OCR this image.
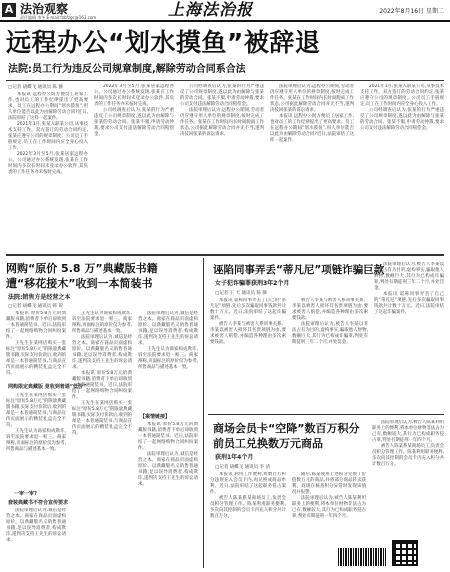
A 法治观察
责任编辑 李冬 E-mail:fzbfzgc@163.com	上海法治报	2022年8月16日 星期二
远程办公“划水摸鱼”被辞退
法院:员工行为违反公司规章制度,解除劳动合同系合法
□记者 胡蝶飞 通讯员 陈 静

本报讯 远程办公既方便员工居家工作,也对员工的工作纪律提出了更高要求。员工在远程办公期间“划水摸鱼”,用人单位能否以此为由解除劳动合同?近日,法院审结了这样一起案件。

2021年1月,张某入职某公司,从事技术支持工作。双方签订的劳动合同约定,张某应遵守公司的规章制度。公司员工手册规定,员工在工作时间内应全身心投入工作。

2022年3月至5月,张某居家远程办公。公司通过办公系统发现,张某在工作时间内多次长时间未登录办公软件,其负责的工作任务亦未按时完成。

2022年3月至5月,张某居家远程办公。公司通过办公系统发现,张某在工作时间内多次长时间未登录办公软件,其负责的工作任务亦未按时完成。

公司经调查后认为,张某的行为严重违反了公司规章制度,遂以此为由解除与张某的劳动合同。张某不服,申请劳动仲裁,要求公司支付违法解除劳动合同赔偿金。

公司经调查后认为,张某的行为严重违反了公司规章制度,遂以此为由解除与张某的劳动合同。张某不服,申请劳动仲裁,要求公司支付违法解除劳动合同赔偿金。

法院审理后认为,远程办公期间,劳动者仍应遵守用人单位的规章制度,按时完成工作任务。张某在工作时间内长时间脱离工作状态,公司据此解除劳动合同并无不当,遂判决驳回张某的诉讼请求。

法院审理后认为,远程办公期间,劳动者仍应遵守用人单位的规章制度,按时完成工作任务。张某在工作时间内长时间脱离工作状态,公司据此解除劳动合同并无不当,遂判决驳回张某的诉讼请求。

本报讯 远程办公既方便员工居家工作,也对员工的工作纪律提出了更高要求。员工在远程办公期间“划水摸鱼”,用人单位能否以此为由解除劳动合同?近日,法院审结了这样一起案件。

2021年1月,张某入职某公司,从事技术支持工作。双方签订的劳动合同约定,张某应遵守公司的规章制度。公司员工手册规定,员工在工作时间内应全身心投入工作。

公司经调查后认为,张某的行为严重违反了公司规章制度,遂以此为由解除与张某的劳动合同。张某不服,申请劳动仲裁,要求公司支付违法解除劳动合同赔偿金。

网购“原价 5.8 万”典藏版书籍
遭“移花接木”收到一本简装书
法院:销售方是经营之本
□记者 胡蝶飞 通讯员 韩 锐

本报讯 原价5.8万元的典藏版书籍,消费者下单后却收到一本普通简装书。近日,法院审结了一起网络购物合同纠纷案件。

王先生在某网店购买一套标注“原价5.8万元”的限量典藏版书籍,实际支付价款后,收到的却是一本普通简装书,与商品宣传页面展示的精装礼盒完全不符。

网购限定典藏版 竟收到普通“低价”

王先生在某网店购买一套标注“原价5.8万元”的限量典藏版书籍,实际支付价款后,收到的却是一本普通简装书,与商品宣传页面展示的精装礼盒完全不符。

王先生认为商家构成欺诈,诉至法院要求退一赔三。商家辩称,页面标注的原价仅为参考,所售商品与描述基本一致。

一审一审?
套装典藏书不符合宣传要求

法院审理后认为,诚信是经营之本。商家在商品页面虚构原价、以典藏版名义销售普通书籍,足以误导消费者,构成欺诈,遂判决支持王先生的诉讼请求。

王先生认为商家构成欺诈,诉至法院要求退一赔三。商家辩称,页面标注的原价仅为参考,所售商品与描述基本一致。

法院审理后认为,诚信是经营之本。商家在商品页面虚构原价、以典藏版名义销售普通书籍,足以误导消费者,构成欺诈,遂判决支持王先生的诉讼请求。

本报讯 原价5.8万元的典藏版书籍,消费者下单后却收到一本普通简装书。近日,法院审结了一起网络购物合同纠纷案件。

王先生在某网店购买一套标注“原价5.8万元”的限量典藏版书籍,实际支付价款后,收到的却是一本普通简装书,与商品宣传页面展示的精装礼盒完全不符。

法院审理后认为,诚信是经营之本。商家在商品页面虚构原价、以典藏版名义销售普通书籍,足以误导消费者,构成欺诈,遂判决支持王先生的诉讼请求。

王先生认为商家构成欺诈,诉至法院要求退一赔三。商家辩称,页面标注的原价仅为参考,所售商品与描述基本一致。

【案情链接】

本报讯 原价5.8万元的典藏版书籍,消费者下单后却收到一本普通简装书。近日,法院审结了一起网络购物合同纠纷案件。

法院审理后认为,诚信是经营之本。商家在商品页面虚构原价、以典藏版名义销售普通书籍,足以误导消费者,构成欺诈,遂判决支持王先生的诉讼请求。

诬陷同事弄丢“蒂凡尼”项链诈骗巨款
女子犯诈骗罪获刑3年2个月
□记者 王 天 通讯员 陈 静

本报讯 谎称同事弄丢了自己的“蒂凡尼”项链,先后多次骗取同事钱款共计数十万元。近日,法院审结了这起诈骗案件。

被告人李某与被害人系同事关系。李某以被害人损坏其名贵项链为由,要求被害人赔偿,并编造各种理由多次索要钱款。

被告人李某与被害人系同事关系。李某以被害人损坏其名贵项链为由,要求被害人赔偿,并编造各种理由多次索要钱款。

法院审理后认为,被告人李某以非法占有为目的,虚构事实,骗取他人财物,数额巨大,其行为已构成诈骗罪,判处有期徒刑三年二个月,并处罚金。

法院审理后认为,被告人李某以非法占有为目的,虚构事实,骗取他人财物,数额巨大,其行为已构成诈骗罪,判处有期徒刑三年二个月,并处罚金。

本报讯 谎称同事弄丢了自己的“蒂凡尼”项链,先后多次骗取同事钱款共计数十万元。近日,法院审结了这起诈骗案件。

商场会员卡“空降”数百万积分
前员工兑换数万元商品
获刑1年4个月
□记者 胡蝶飞 通讯员 李 清

本报讯 利用工作便利,将数百万积分违规充入会员卡内,再兑换成商品牟利。近日,法院审结了这起职务侵占案件。

被告人陈某系某商场员工,负责会员积分管理工作。陈某利用职务便利,多次向其控制的会员卡内充入积分共计数百万分。

随后,陈某使用上述积分兑换了价值数万元的商品,并将部分商品转卖获利。商场在核查积分异常时发现该情况并报警。

法院审理后认为,被告人陈某利用职务上的便利,将本单位财物非法占为己有,数额较大,其行为已构成职务侵占罪,判处有期徒刑一年四个月。

法院审理后认为,被告人陈某利用职务上的便利,将本单位财物非法占为己有,数额较大,其行为已构成职务侵占罪,判处有期徒刑一年四个月。

被告人陈某系某商场员工,负责会员积分管理工作。陈某利用职务便利,多次向其控制的会员卡内充入积分共计数百万分。
